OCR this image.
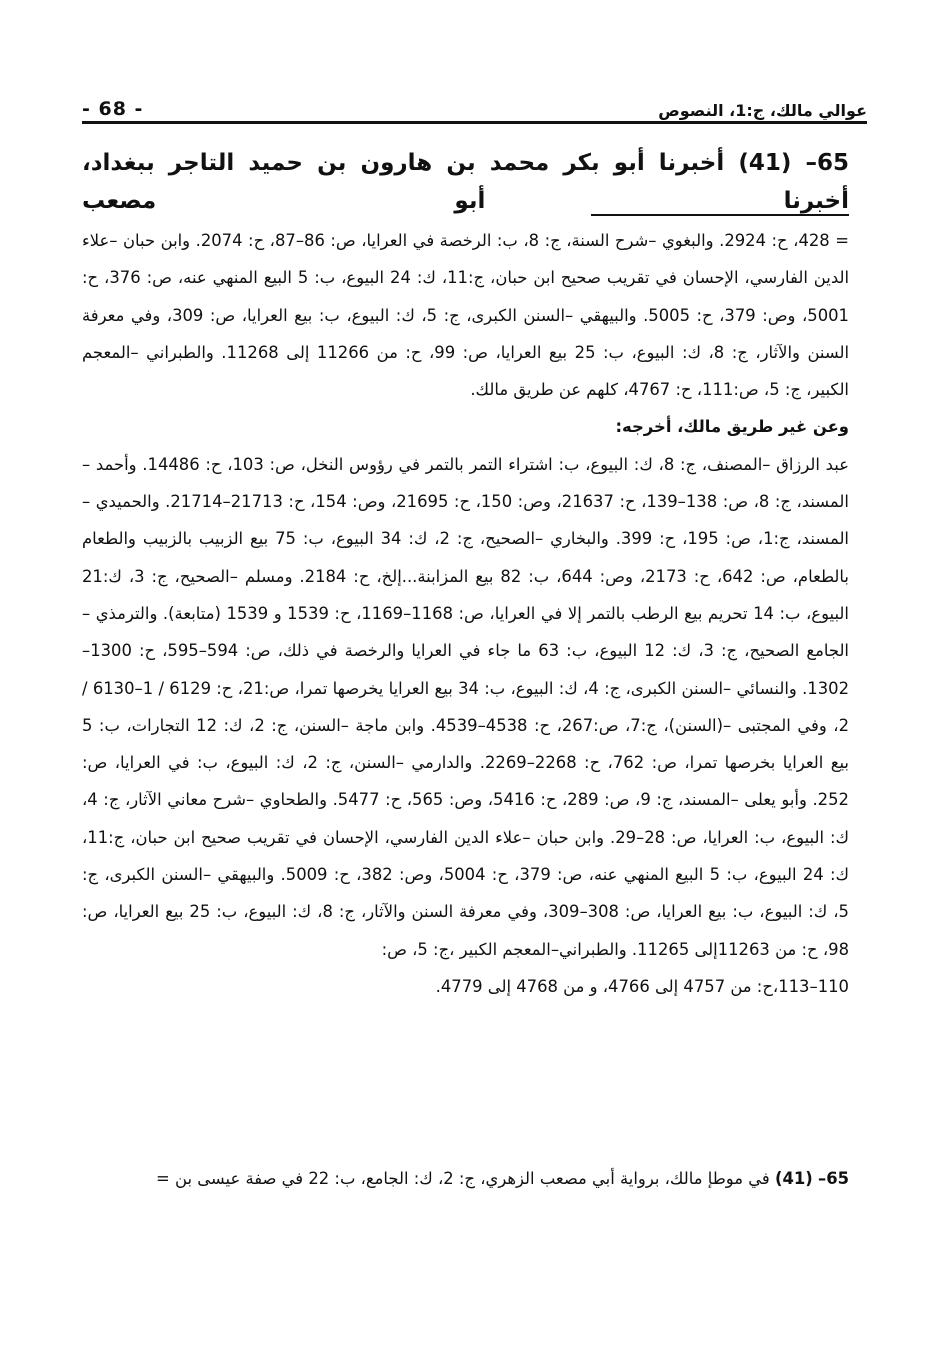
- 68 -	عوالي مالك، ج:1، النصوص
65– (41) أخبرنا أبو بكر محمد بن هارون بن حميد التاجر ببغداد، أخبرنا أبو مصعب

= 428، ح: 2924. والبغوي –شرح السنة، ج: 8، ب: الرخصة في العرايا، ص: 86–87، ح: 2074. وابن حبان –علاء الدين الفارسي، الإحسان في تقريب صحيح ابن حبان، ج:11، ك: 24 البيوع، ب: 5 البيع المنهي عنه، ص: 376، ح: 5001، وص: 379، ح: 5005. والبيهقي –السنن الكبرى، ج: 5، ك: البيوع، ب: بيع العرايا، ص: 309، وفي معرفة السنن والآثار، ج: 8، ك: البيوع، ب: 25 بيع العرايا، ص: 99، ح: من 11266 إلى 11268. والطبراني –المعجم الكبير، ج: 5، ص:111، ح: 4767، كلهم عن طريق مالك.

وعن غير طريق مالك، أخرجه:

عبد الرزاق –المصنف، ج: 8، ك: البيوع، ب: اشتراء التمر بالتمر في رؤوس النخل، ص: 103، ح: 14486. وأحمد –المسند، ج: 8، ص: 138–139، ح: 21637، وص: 150، ح: 21695، وص: 154، ح: 21713–21714. والحميدي – المسند، ج:1، ص: 195، ح: 399. والبخاري –الصحيح، ج: 2، ك: 34 البيوع، ب: 75 بيع الزبيب بالزبيب والطعام بالطعام، ص: 642، ح: 2173، وص: 644، ب: 82 بيع المزابنة...إلخ، ح: 2184. ومسلم –الصحيح، ج: 3، ك:21 البيوع، ب: 14 تحريم بيع الرطب بالتمر إلا في العرايا، ص: 1168–1169، ح: 1539 و 1539 (متابعة). والترمذي –الجامع الصحيح، ج: 3، ك: 12 البيوع، ب: 63 ما جاء في العرايا والرخصة في ذلك، ص: 594–595، ح: 1300–1302. والنسائي –السنن الكبرى، ج: 4، ك: البيوع، ب: 34 بيع العرايا يخرصها تمرا، ص:21، ح: 6129 / 1–6130 / 2، وفي المجتبى –(السنن)، ج:7، ص:267، ح: 4538–4539. وابن ماجة –السنن، ج: 2، ك: 12 التجارات، ب: 5 بيع العرايا بخرصها تمرا، ص: 762، ح: 2268–2269. والدارمي –السنن، ج: 2، ك: البيوع، ب: في العرايا، ص: 252. وأبو يعلى –المسند، ج: 9، ص: 289، ح: 5416، وص: 565، ح: 5477. والطحاوي –شرح معاني الآثار، ج: 4، ك: البيوع، ب: العرايا، ص: 28–29. وابن حبان –علاء الدين الفارسي، الإحسان في تقريب صحيح ابن حبان، ج:11، ك: 24 البيوع، ب: 5 البيع المنهي عنه، ص: 379، ح: 5004، وص: 382، ح: 5009. والبيهقي –السنن الكبرى، ج: 5، ك: البيوع، ب: بيع العرايا، ص: 308–309، وفي معرفة السنن والآثار، ج: 8، ك: البيوع، ب: 25 بيع العرايا، ص: 98، ح: من 11263إلى 11265. والطبراني–المعجم الكبير ،ج: 5، ص:

110–113،ح: من 4757 إلى 4766، و من 4768 إلى 4779.

65– (41) في موطإ مالك، برواية أبي مصعب الزهري، ج: 2، ك: الجامع، ب: 22 في صفة عيسى بن =
